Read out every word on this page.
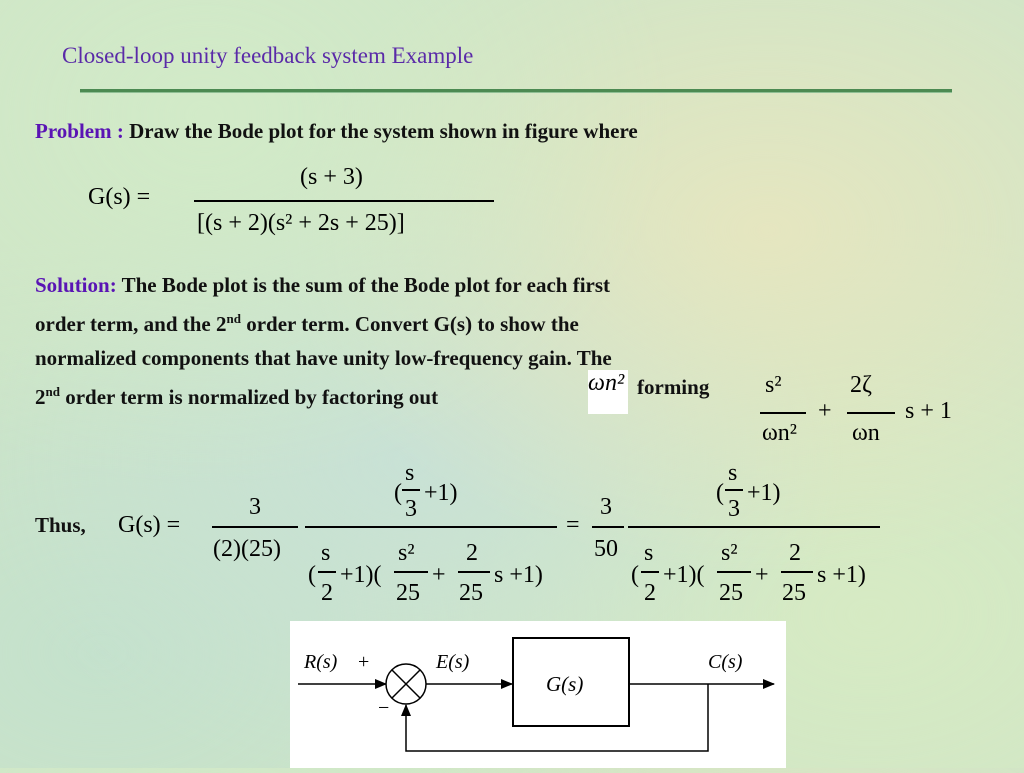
Closed-loop unity feedback system Example
Problem : Draw the Bode plot for the system shown in figure where
G(s) =
(s + 3)
[(s + 2)(s² + 2s + 25)]
Solution: The Bode plot is the sum of the Bode plot for each first
order term, and the 2nd order term. Convert G(s) to show the
normalized components that have unity low-frequency gain. The
2nd order term is normalized by factoring out
ωn² forming s²
ωn²
+
2ζ
ωn
s + 1
Thus, G(s) =
3
(2)(25)
(
s
3
+1)
(
s
2
+1)(
s²
25
+
2
25
s +1)
=
3
50
(
s
3
+1)
(
s
2
+1)(
s²
25
+
2
25
s +1)
R(s) +
−
E(s)
G(s)
C(s)
